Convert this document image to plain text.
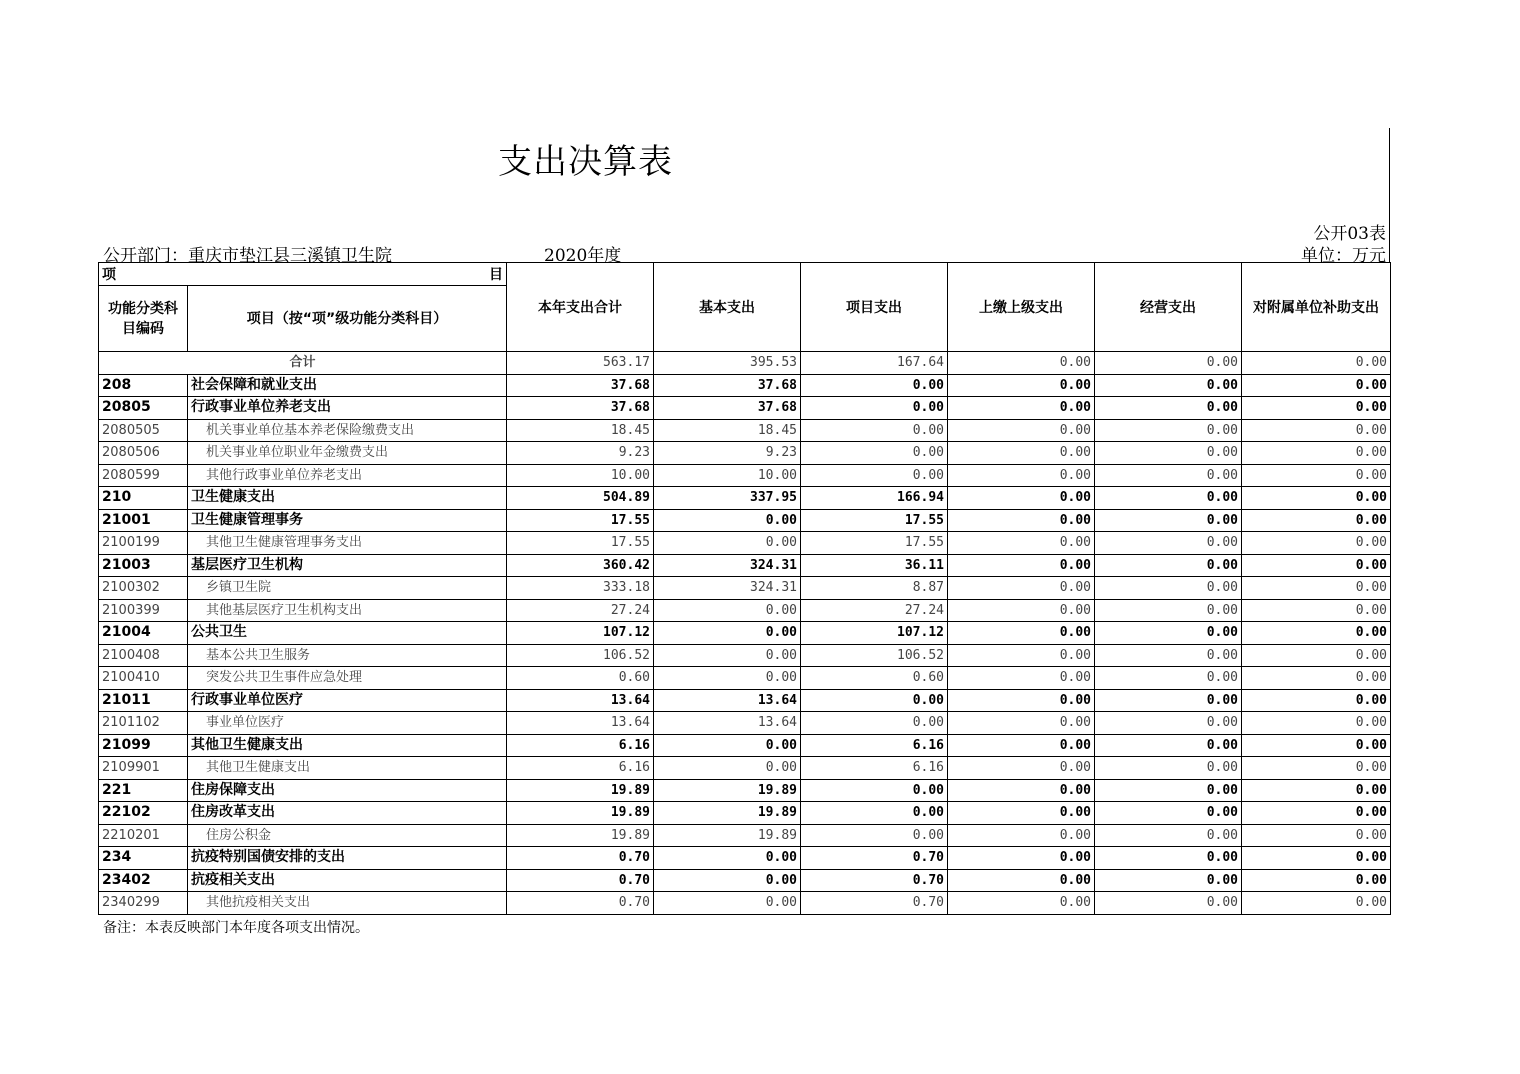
支出决算表
公开03表
公开部门：重庆市垫江县三溪镇卫生院	2020年度	单位：万元
项 目		本年支出合计	基本支出	项目支出	上缴上级支出	经营支出	对附属单位补助支出
功能分类科目编码	项目（按“项”级功能分类科目）						
合计		563.17	395.53	167.64	0.00	0.00	0.00
208	社会保障和就业支出	37.68	37.68	0.00	0.00	0.00	0.00
20805	行政事业单位养老支出	37.68	37.68	0.00	0.00	0.00	0.00
2080505	机关事业单位基本养老保险缴费支出	18.45	18.45	0.00	0.00	0.00	0.00
2080506	机关事业单位职业年金缴费支出	9.23	9.23	0.00	0.00	0.00	0.00
2080599	其他行政事业单位养老支出	10.00	10.00	0.00	0.00	0.00	0.00
210	卫生健康支出	504.89	337.95	166.94	0.00	0.00	0.00
21001	卫生健康管理事务	17.55	0.00	17.55	0.00	0.00	0.00
2100199	其他卫生健康管理事务支出	17.55	0.00	17.55	0.00	0.00	0.00
21003	基层医疗卫生机构	360.42	324.31	36.11	0.00	0.00	0.00
2100302	乡镇卫生院	333.18	324.31	8.87	0.00	0.00	0.00
2100399	其他基层医疗卫生机构支出	27.24	0.00	27.24	0.00	0.00	0.00
21004	公共卫生	107.12	0.00	107.12	0.00	0.00	0.00
2100408	基本公共卫生服务	106.52	0.00	106.52	0.00	0.00	0.00
2100410	突发公共卫生事件应急处理	0.60	0.00	0.60	0.00	0.00	0.00
21011	行政事业单位医疗	13.64	13.64	0.00	0.00	0.00	0.00
2101102	事业单位医疗	13.64	13.64	0.00	0.00	0.00	0.00
21099	其他卫生健康支出	6.16	0.00	6.16	0.00	0.00	0.00
2109901	其他卫生健康支出	6.16	0.00	6.16	0.00	0.00	0.00
221	住房保障支出	19.89	19.89	0.00	0.00	0.00	0.00
22102	住房改革支出	19.89	19.89	0.00	0.00	0.00	0.00
2210201	住房公积金	19.89	19.89	0.00	0.00	0.00	0.00
234	抗疫特别国债安排的支出	0.70	0.00	0.70	0.00	0.00	0.00
23402	抗疫相关支出	0.70	0.00	0.70	0.00	0.00	0.00
2340299	其他抗疫相关支出	0.70	0.00	0.70	0.00	0.00	0.00
备注：本表反映部门本年度各项支出情况。
